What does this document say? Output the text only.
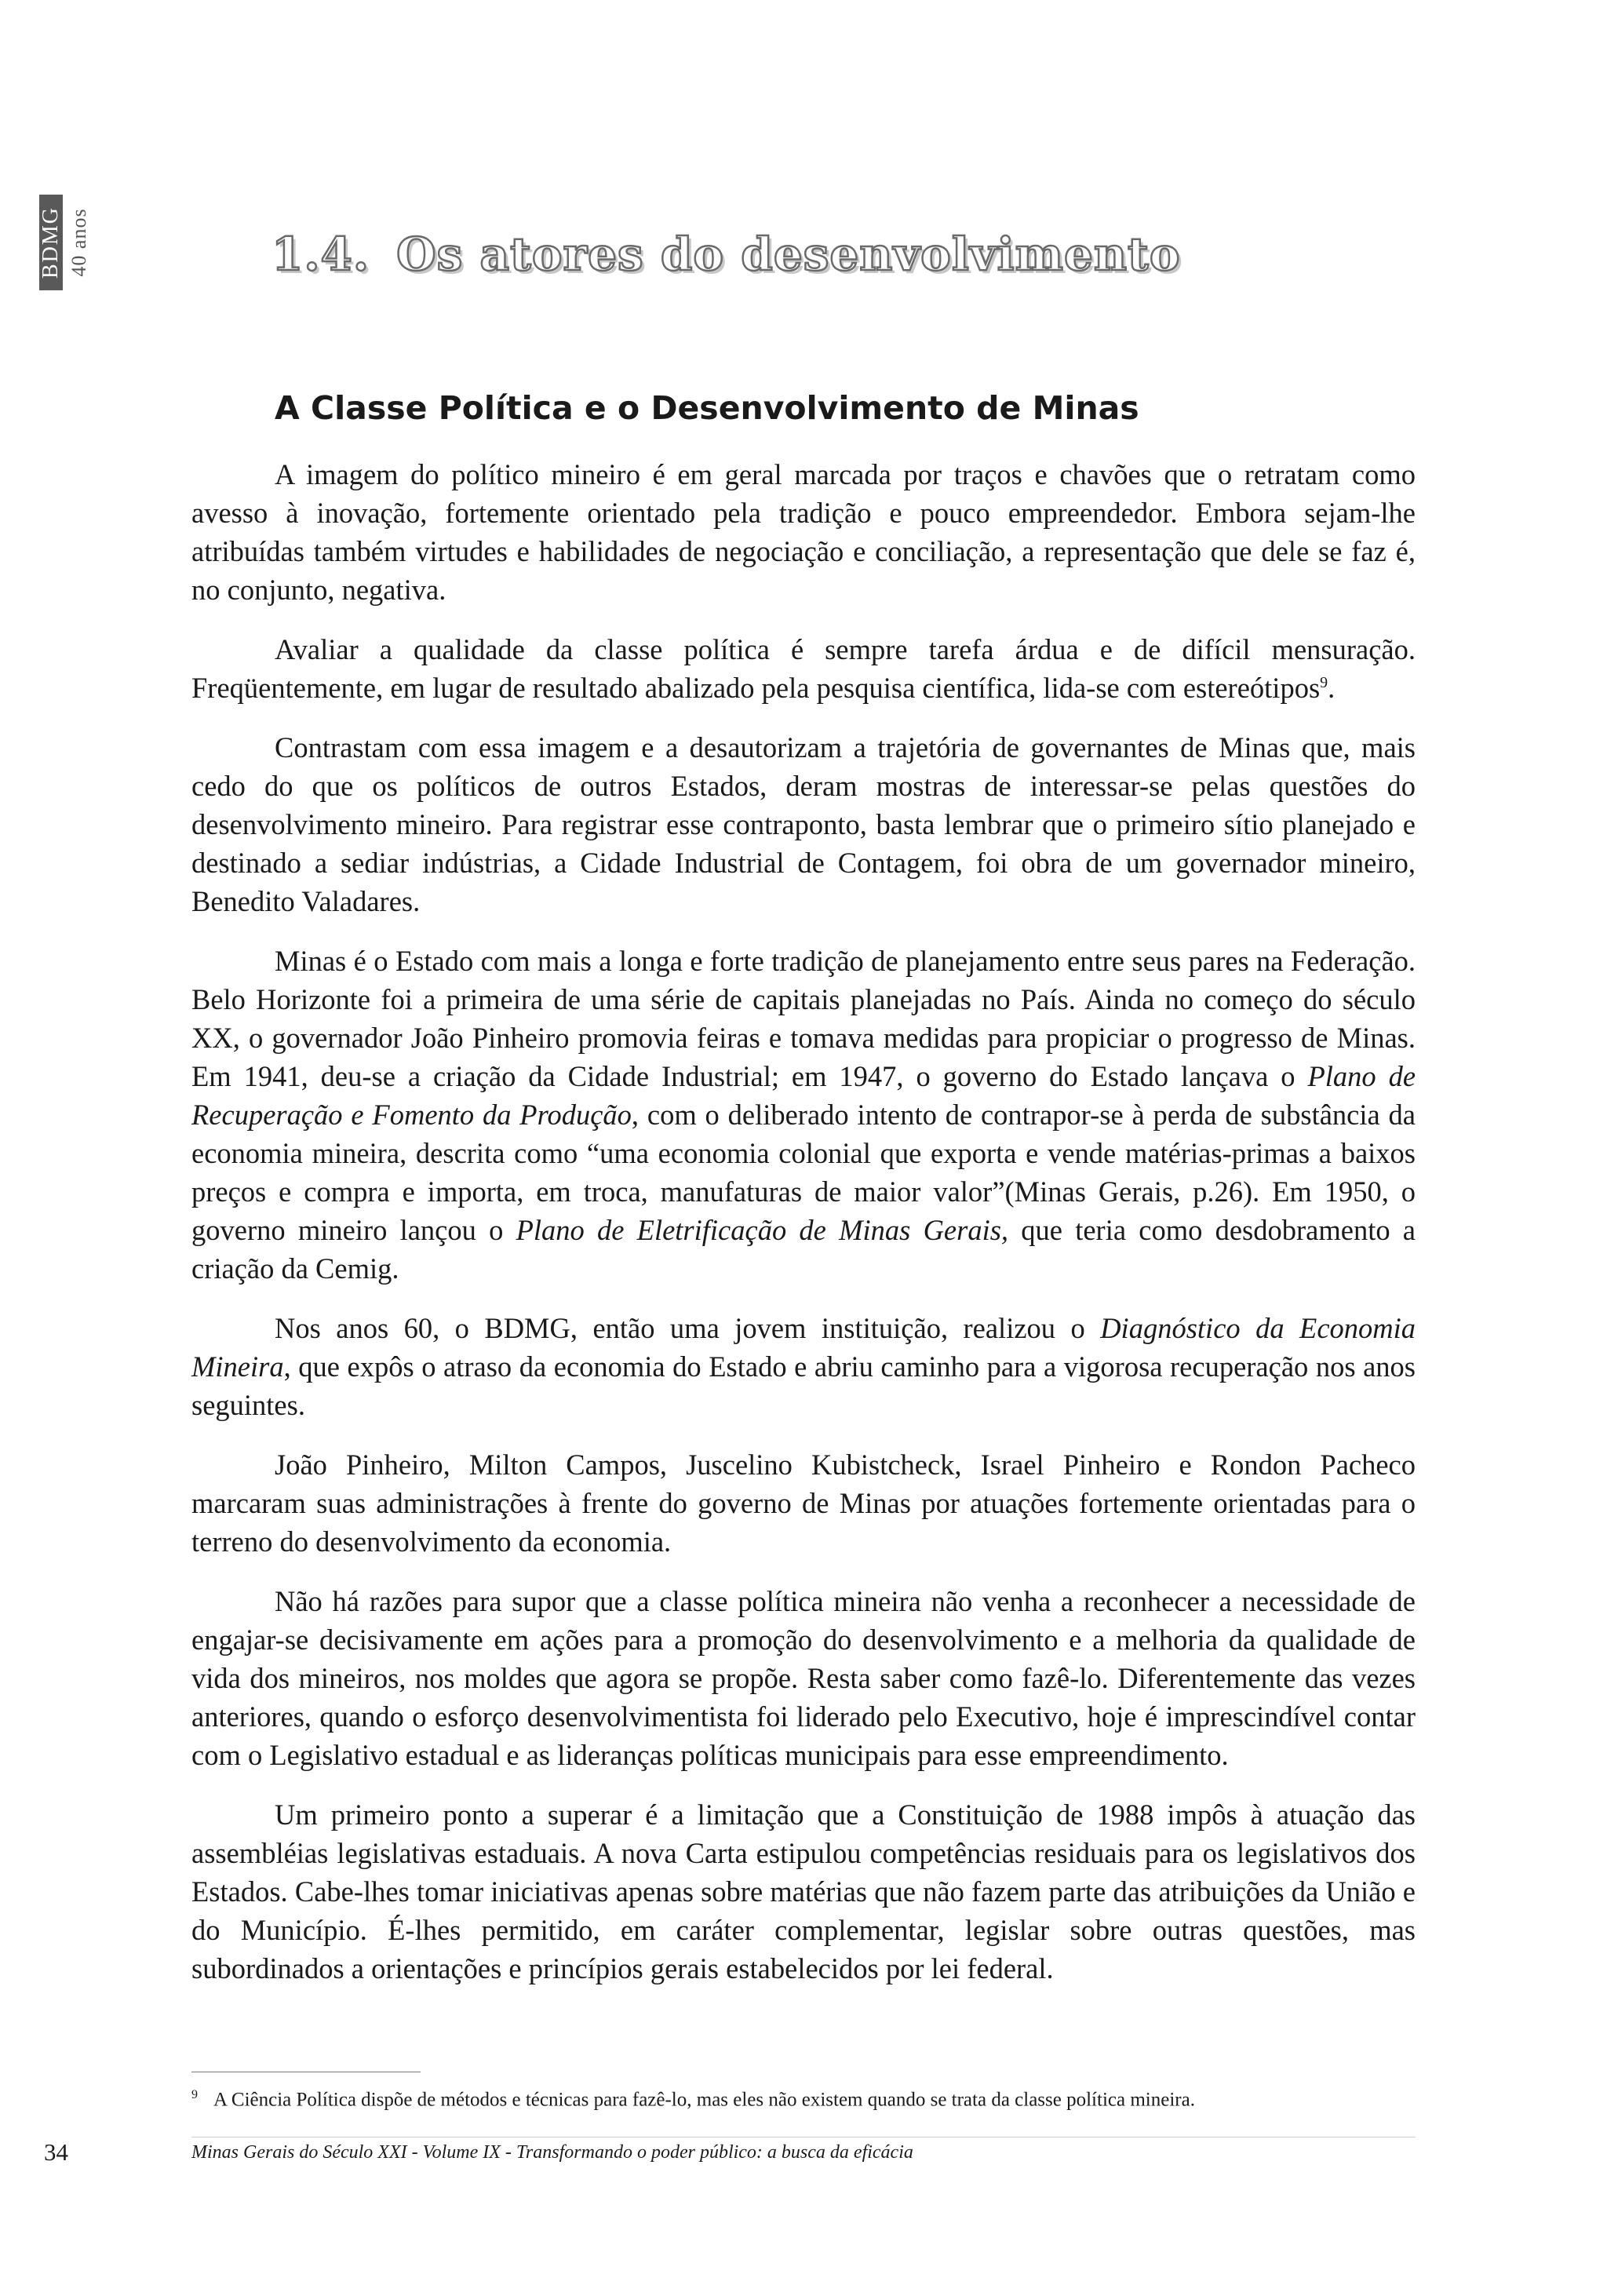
BDMG 40 anos	1.4. Os atores do desenvolvimento
A Classe Política e o Desenvolvimento de Minas

A imagem do político mineiro é em geral marcada por traços e chavões que o retratam como avesso à inovação, fortemente orientado pela tradição e pouco empreendedor. Embora sejam-lhe atribuídas também virtudes e habilidades de negociação e conciliação, a representação que dele se faz é, no conjunto, negativa.

Avaliar a qualidade da classe política é sempre tarefa árdua e de difícil mensuração. Freqüentemente, em lugar de resultado abalizado pela pesquisa científica, lida-se com estereótipos$^9$.

Contrastam com essa imagem e a desautorizam a trajetória de governantes de Minas que, mais cedo do que os políticos de outros Estados, deram mostras de interessar-se pelas questões do desenvolvimento mineiro. Para registrar esse contraponto, basta lembrar que o primeiro sítio planejado e destinado a sediar indústrias, a Cidade Industrial de Contagem, foi obra de um governador mineiro, Benedito Valadares.

Minas é o Estado com mais a longa e forte tradição de planejamento entre seus pares na Federação. Belo Horizonte foi a primeira de uma série de capitais planejadas no País. Ainda no começo do século XX, o governador João Pinheiro promovia feiras e tomava medidas para propiciar o progresso de Minas. Em 1941, deu-se a criação da Cidade Industrial; em 1947, o governo do Estado lançava o Plano de Recuperação e Fomento da Produção, com o deliberado intento de contrapor-se à perda de substância da economia mineira, descrita como “uma economia colonial que exporta e vende matérias-primas a baixos preços e compra e importa, em troca, manufaturas de maior valor”(Minas Gerais, p.26). Em 1950, o governo mineiro lançou o Plano de Eletrificação de Minas Gerais, que teria como desdobramento a criação da Cemig.

Nos anos 60, o BDMG, então uma jovem instituição, realizou o Diagnóstico da Economia Mineira, que expôs o atraso da economia do Estado e abriu caminho para a vigorosa recuperação nos anos seguintes.

João Pinheiro, Milton Campos, Juscelino Kubistcheck, Israel Pinheiro e Rondon Pacheco marcaram suas administrações à frente do governo de Minas por atuações fortemente orientadas para o terreno do desenvolvimento da economia.

Não há razões para supor que a classe política mineira não venha a reconhecer a necessidade de engajar-se decisivamente em ações para a promoção do desenvolvimento e a melhoria da qualidade de vida dos mineiros, nos moldes que agora se propõe. Resta saber como fazê-lo. Diferentemente das vezes anteriores, quando o esforço desenvolvimentista foi liderado pelo Executivo, hoje é imprescindível contar com o Legislativo estadual e as lideranças políticas municipais para esse empreendimento.

Um primeiro ponto a superar é a limitação que a Constituição de 1988 impôs à atuação das assembléias legislativas estaduais. A nova Carta estipulou competências residuais para os legislativos dos Estados. Cabe-lhes tomar iniciativas apenas sobre matérias que não fazem parte das atribuições da União e do Município. É-lhes permitido, em caráter complementar, legislar sobre outras questões, mas subordinados a orientações e princípios gerais estabelecidos por lei federal.

$^9$ A Ciência Política dispõe de métodos e técnicas para fazê-lo, mas eles não existem quando se trata da classe política mineira.

34	Minas Gerais do Século XXI - Volume IX - Transformando o poder público: a busca da eficácia
